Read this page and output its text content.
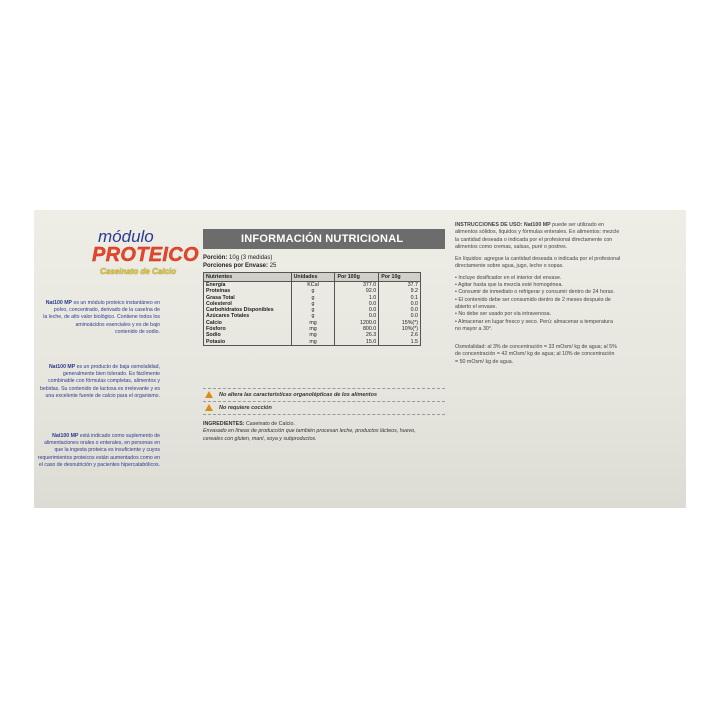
módulo
PROTEICO
Caseinato de Calcio
Nat100 MP es un módulo proteico instantáneo en
polvo, concentrado, derivado de la caseína de
la leche, de alto valor biológico. Contiene todos los
aminoácidos esenciales y es de bajo
contenido de sodio.
Nat100 MP es un producto de baja osmolalidad,
generalmente bien tolerado. Es fácilmente
combinable con fórmulas completas, alimentos y
bebidas. Su contenido de lactosa es irrelevante y es
una excelente fuente de calcio para el organismo.
Nat100 MP está indicado como suplemento de
alimentaciones orales o enterales, en personas en
que la ingesta proteica es insuficiente y cuyos
requerimientos proteicos están aumentados como en
el caso de desnutrición y pacientes hipercatabólicos.
INFORMACIÓN NUTRICIONAL
Porción: 10g (3 medidas)
Porciones por Envase: 25
Nutrientes	Unidades	Por 100g	Por 10g
Energía	KCal	377.0	37.7
Proteínas	g	92.0	9.2
Grasa Total	g	1.0	0.1
Colesterol	g	0.0	0.0
Carbohidratos Disponibles	g	0.0	0.0
Azúcares Totales	g	0.0	0.0
Calcio	mg	1200.0	15%(*)
Fósforo	mg	800.0	10%(*)
Sodio	mg	26.3	2.6
Potasio	mg	15.0	1.5
No altera las características organolépticas de los alimentos
No requiere cocción
INGREDIENTES: Caseinato de Calcio.
Envasado en líneas de producción que también procesan leche, productos lácteos, huevo,
cereales con gluten, maní, soya y subproductos.

INSTRUCCIONES DE USO: Nat100 MP puede ser utilizado en
alimentos sólidos, líquidos y fórmulas enterales. En alimentos: mezcle
la cantidad deseada o indicada por el profesional directamente con
alimentos como cremas, salsas, puré o postres.

En líquidos: agregue la cantidad deseada o indicada por el profesional
directamente sobre agua, jugo, leche o sopas.

• Incluye dosificador en el interior del envase.
• Agitar hasta que la mezcla esté homogénea.
• Consumir de inmediato o refrigerar y consumir dentro de 24 horas.
• El contenido debe ser consumido dentro de 2 meses después de
abierto el envase.
• No debe ser usado por vía intravenosa.
• Almacenar en lugar fresco y seco. Perú: almacenar a temperatura
no mayor a 30°.

Osmolalidad: al 3% de concentración = 33 mOsm/ kg de agua; al 5%
de concentración = 42 mOsm/ kg de agua; al 10% de concentración
= 50 mOsm/ kg de agua.
